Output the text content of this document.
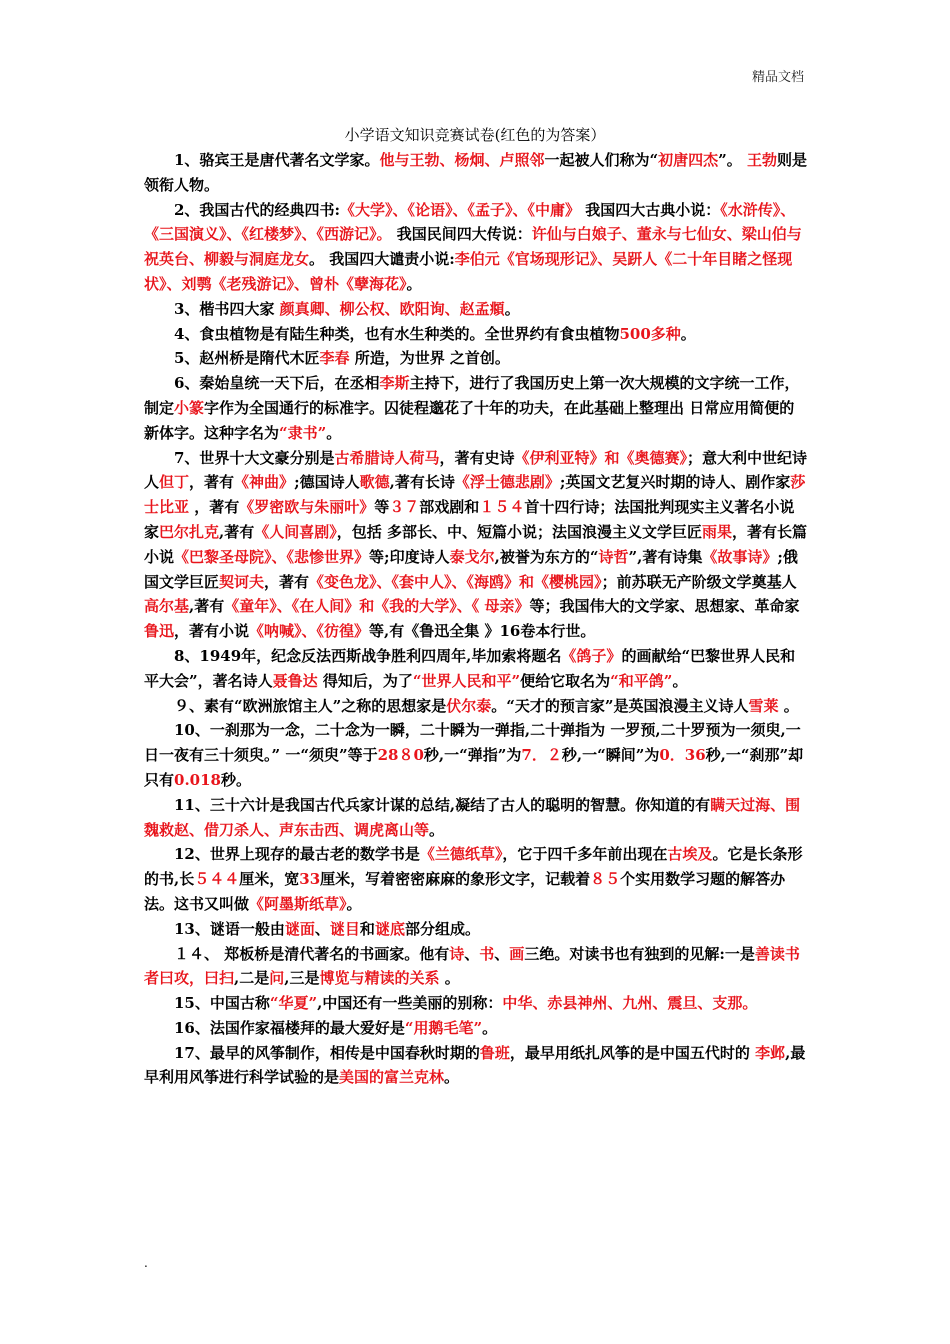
精品文档
小学语文知识竞赛试卷(红色的为答案）

1、骆宾王是唐代著名文学家。他与王勃、杨炯、卢照邻一起被人们称为“初唐四杰”。 王勃则是领衔人物。

2、我国古代的经典四书:《大学》、《论语》、《孟子》、《中庸》 我国四大古典小说：《水浒传》、《三国演义》、《红楼梦》、《西游记》。 我国民间四大传说：许仙与白娘子、董永与七仙女、梁山伯与祝英台、柳毅与洞庭龙女。 我国四大谴责小说:李伯元《官场现形记》、吴趼人《二十年目睹之怪现状》、刘鹗《老残游记》、曾朴《孽海花》。

3、楷书四大家 颜真卿、柳公权、欧阳询、赵孟頫。

4、食虫植物是有陆生种类，也有水生种类的。全世界约有食虫植物500多种。

5、赵州桥是隋代木匠李春 所造，为世界 之首创。

6、秦始皇统一天下后，在丞相李斯主持下，进行了我国历史上第一次大规模的文字统一工作，制定小篆字作为全国通行的标准字。囚徒程邈花了十年的功夫，在此基础上整理出 日常应用简便的新体字。这种字名为“隶书”。

7、世界十大文豪分别是古希腊诗人荷马，著有史诗《伊利亚特》和《奥德赛》；意大利中世纪诗人但丁，著有《神曲》;德国诗人歌德,著有长诗《浮士德悲剧》;英国文艺复兴时期的诗人、剧作家莎士比亚 ，著有《罗密欧与朱丽叶》等３７部戏剧和１５４首十四行诗；法国批判现实主义著名小说家巴尔扎克,著有《人间喜剧》，包括 多部长、中、短篇小说；法国浪漫主义文学巨匠雨果，著有长篇小说《巴黎圣母院》、《悲惨世界》等;印度诗人泰戈尔,被誉为东方的“诗哲”,著有诗集《故事诗》;俄国文学巨匠契诃夫，著有《变色龙》、《套中人》、《海鸥》和《樱桃园》；前苏联无产阶级文学奠基人高尔基,著有《童年》、《在人间》和《我的大学》、《 母亲》等；我国伟大的文学家、思想家、革命家鲁迅，著有小说《呐喊》、《彷徨》等,有《鲁迅全集 》16卷本行世。

8、1949年，纪念反法西斯战争胜利四周年,毕加索将题名《鸽子》的画献给“巴黎世界人民和平大会”，著名诗人聂鲁达 得知后，为了“世界人民和平”便给它取名为“和平鸽”。

９、素有“欧洲旅馆主人”之称的思想家是伏尔泰。“天才的预言家”是英国浪漫主义诗人雪莱 。

10、一刹那为一念，二十念为一瞬，二十瞬为一弹指,二十弹指为 一罗预,二十罗预为一须臾,一日一夜有三十须臾。” 一“须臾”等于28８0秒,一“弹指”为7．２秒,一“瞬间”为0．36秒,一“刹那”却只有0.018秒。

11、三十六计是我国古代兵家计谋的总结,凝结了古人的聪明的智慧。你知道的有瞒天过海、围魏救赵、借刀杀人、声东击西、调虎离山等。

12、世界上现存的最古老的数学书是《兰德纸草》，它于四千多年前出现在古埃及。它是长条形的书,长５４４厘米，宽33厘米，写着密密麻麻的象形文字，记载着８５个实用数学习题的解答办法。这书又叫做《阿墨斯纸草》。

13、谜语一般由谜面、谜目和谜底部分组成。

１４、 郑板桥是清代著名的书画家。他有诗、书、画三绝。对读书也有独到的见解:一是善读书者曰攻，曰扫,二是问,三是博览与精读的关系 。

15、中国古称“华夏”,中国还有一些美丽的别称：中华、赤县神州、九州、震旦、支那。

16、法国作家福楼拜的最大爱好是“用鹅毛笔”。

17、最早的风筝制作，相传是中国春秋时期的鲁班，最早用纸扎风筝的是中国五代时的 李邺,最早利用风筝进行科学试验的是美国的富兰克林。

.
